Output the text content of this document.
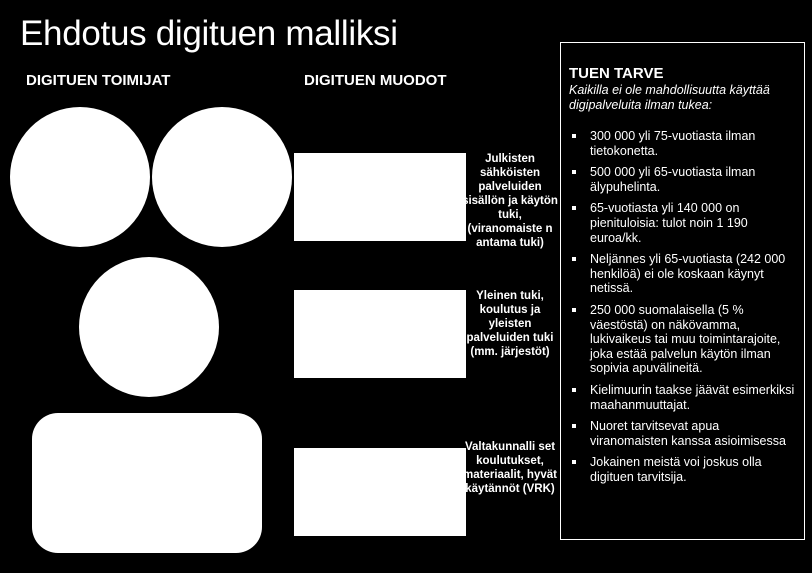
Ehdotus digituen malliksi
DIGITUEN TOIMIJAT	DIGITUEN MUODOT
Julkisten sähköisten palveluiden sisällön ja käytön tuki, (viranomaiste n antama tuki)
Yleinen tuki, koulutus ja yleisten palveluiden tuki (mm. järjestöt)
Valtakunnalli set koulutukset, materiaalit, hyvät käytännöt (VRK)
TUEN TARVE
Kaikilla ei ole mahdollisuutta käyttää digipalveluita ilman tukea:
300 000 yli 75-vuotiasta ilman tietokonetta.
500 000 yli 65-vuotiasta ilman älypuhelinta.
65-vuotiasta yli 140 000 on pienituloisia: tulot noin 1 190 euroa/kk.
Neljännes yli 65-vuotiasta (242 000 henkilöä) ei ole koskaan käynyt netissä.
250 000 suomalaisella (5 % väestöstä) on näkövamma, lukivaikeus tai muu toimintarajoite, joka estää palvelun käytön ilman sopivia apuvälineitä.
Kielimuurin taakse jäävät esimerkiksi maahanmuuttajat.
Nuoret tarvitsevat apua viranomaisten kanssa asioimisessa
Jokainen meistä voi joskus olla digituen tarvitsija.
